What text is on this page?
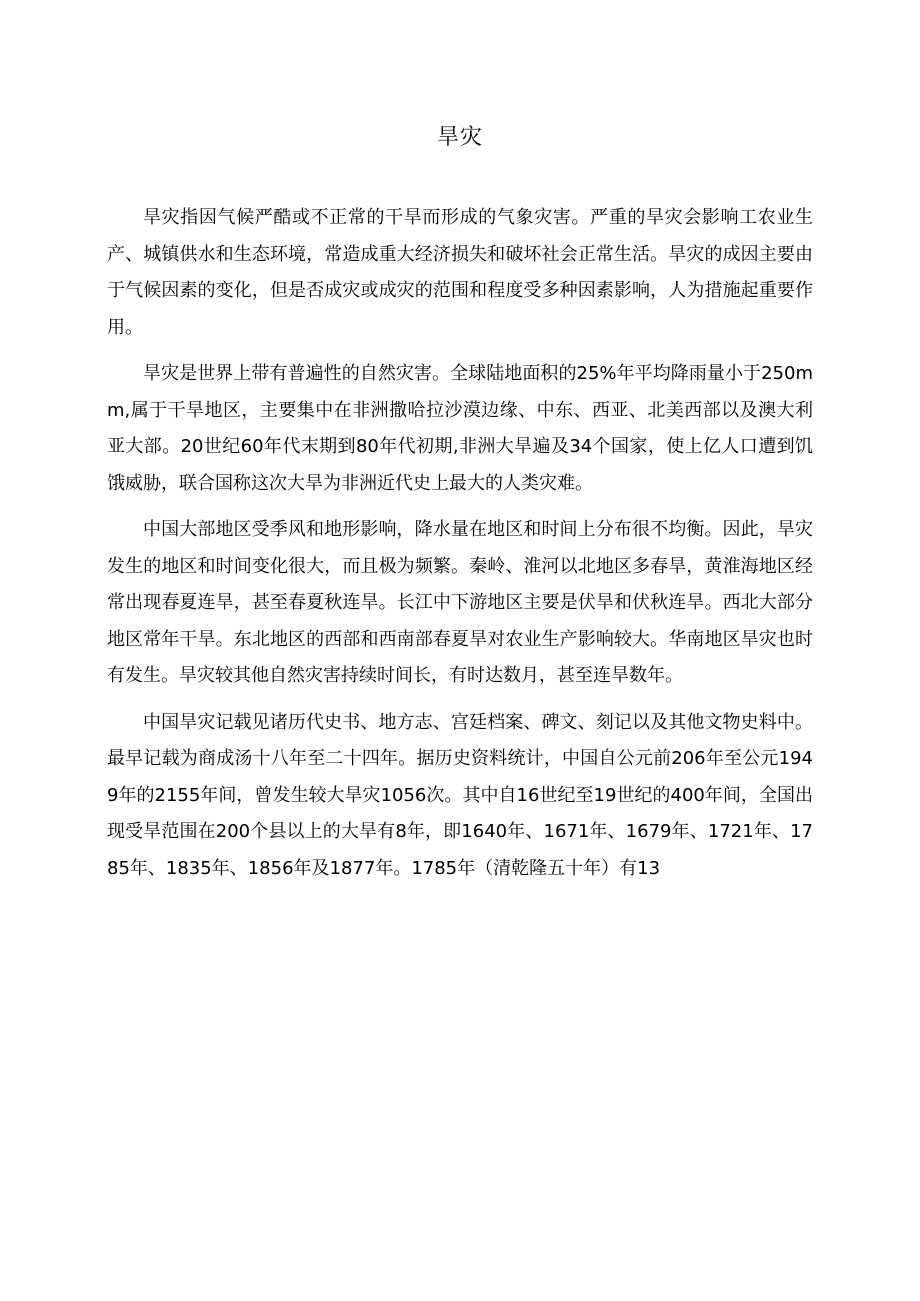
旱灾

旱灾指因气候严酷或不正常的干旱而形成的气象灾害。严重的旱灾会影响工农业生产、城镇供水和生态环境，常造成重大经济损失和破坏社会正常生活。旱灾的成因主要由于气候因素的变化，但是否成灾或成灾的范围和程度受多种因素影响，人为措施起重要作用。

旱灾是世界上带有普遍性的自然灾害。全球陆地面积的25%年平均降雨量小于250mm,属于干旱地区，主要集中在非洲撒哈拉沙漠边缘、中东、西亚、北美西部以及澳大利亚大部。20世纪60年代末期到80年代初期,非洲大旱遍及34个国家，使上亿人口遭到饥饿威胁，联合国称这次大旱为非洲近代史上最大的人类灾难。

中国大部地区受季风和地形影响，降水量在地区和时间上分布很不均衡。因此，旱灾发生的地区和时间变化很大，而且极为频繁。秦岭、淮河以北地区多春旱，黄淮海地区经常出现春夏连旱，甚至春夏秋连旱。长江中下游地区主要是伏旱和伏秋连旱。西北大部分地区常年干旱。东北地区的西部和西南部春夏旱对农业生产影响较大。华南地区旱灾也时有发生。旱灾较其他自然灾害持续时间长，有时达数月，甚至连旱数年。

中国旱灾记载见诸历代史书、地方志、宫廷档案、碑文、刻记以及其他文物史料中。最早记载为商成汤十八年至二十四年。据历史资料统计，中国自公元前206年至公元1949年的2155年间，曾发生较大旱灾1056次。其中自16世纪至19世纪的400年间，全国出现受旱范围在200个县以上的大旱有8年，即1640年、1671年、1679年、1721年、1785年、1835年、1856年及1877年。1785年（清乾隆五十年）有13
